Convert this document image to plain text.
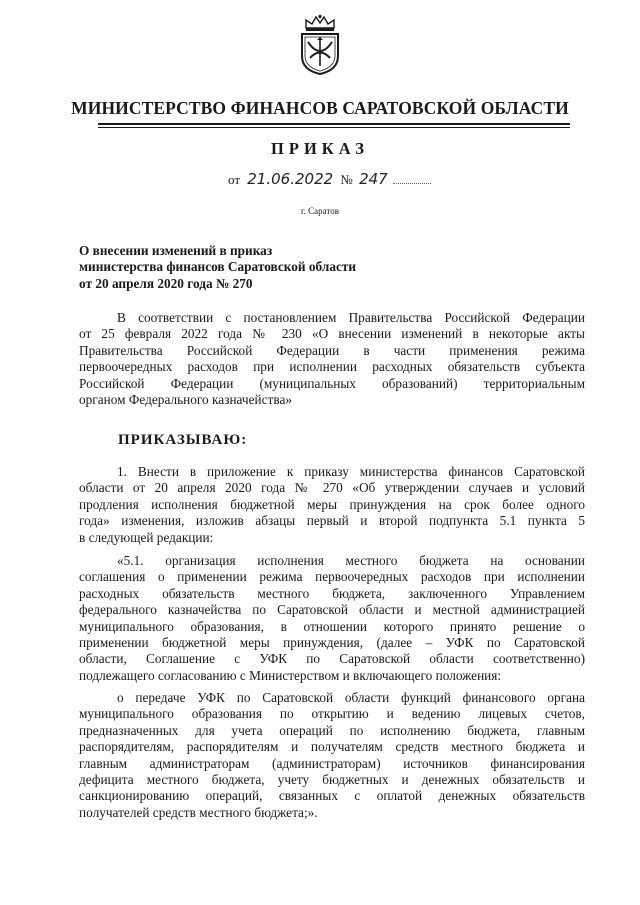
МИНИСТЕРСТВО ФИНАНСОВ САРАТОВСКОЙ ОБЛАСТИ
ПРИКАЗ
от 21.06.2022 № 247

г. Саратов

О внесении изменений в приказ
министерства финансов Саратовской области
от 20 апреля 2020 года № 270
В соответствии с постановлением Правительства Российской Федерации
от 25 февраля 2022 года № 230 «О внесении изменений в некоторые акты
Правительства Российской Федерации в части применения режима
первоочередных расходов при исполнении расходных обязательств субъекта
Российской Федерации (муниципальных образований) территориальным
органом Федерального казначейства»
ПРИКАЗЫВАЮ:
1. Внести в приложение к приказу министерства финансов Саратовской
области от 20 апреля 2020 года № 270 «Об утверждении случаев и условий
продления исполнения бюджетной меры принуждения на срок более одного
года» изменения, изложив абзацы первый и второй подпункта 5.1 пункта 5
в следующей редакции:
«5.1. организация исполнения местного бюджета на основании
соглашения о применении режима первоочередных расходов при исполнении
расходных обязательств местного бюджета, заключенного Управлением
федерального казначейства по Саратовской области и местной администрацией
муниципального образования, в отношении которого принято решение о
применении бюджетной меры принуждения, (далее – УФК по Саратовской
области, Соглашение с УФК по Саратовской области соответственно)
подлежащего согласованию с Министерством и включающего положения:
о передаче УФК по Саратовской области функций финансового органа
муниципального образования по открытию и ведению лицевых счетов,
предназначенных для учета операций по исполнению бюджета, главным
распорядителям, распорядителям и получателям средств местного бюджета и
главным администраторам (администраторам) источников финансирования
дефицита местного бюджета, учету бюджетных и денежных обязательств и
санкционированию операций, связанных с оплатой денежных обязательств
получателей средств местного бюджета;».
